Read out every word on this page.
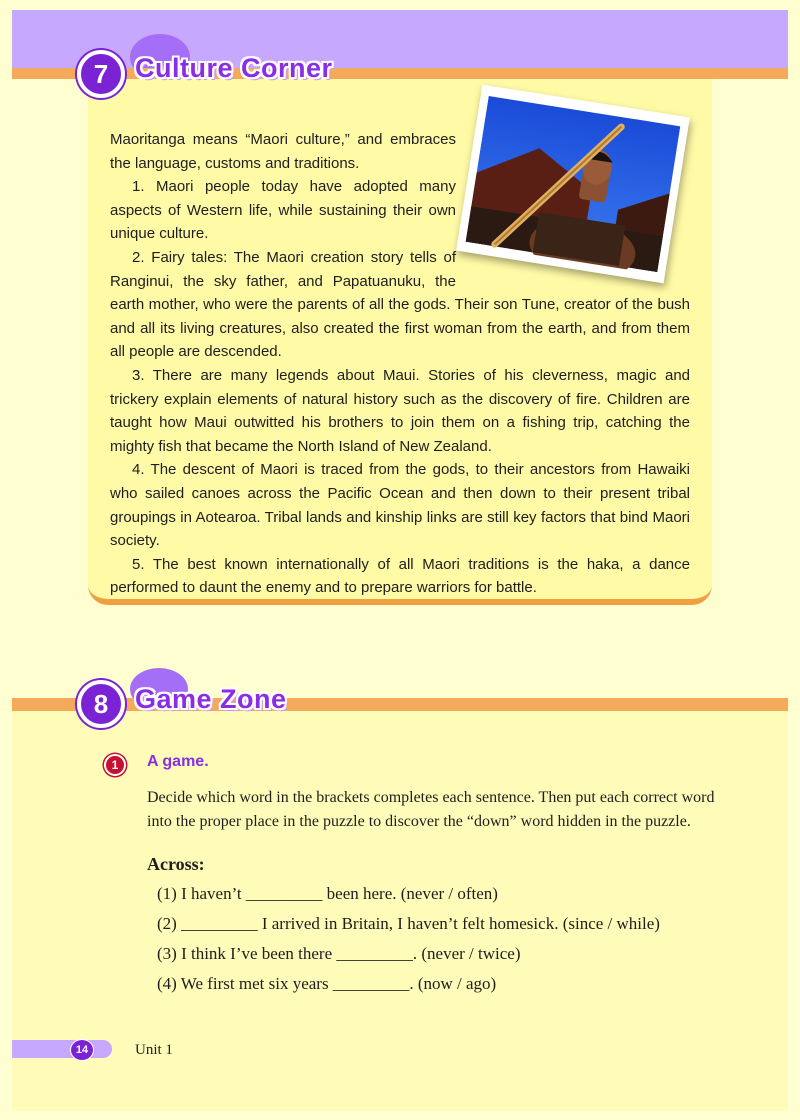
7 Culture Corner

Maoritanga means “Maori culture,” and embraces the language, customs and traditions.

1. Maori people today have adopted many aspects of Western life, while sustaining their own unique culture.

2. Fairy tales: The Maori creation story tells of Ranginui, the sky father, and Papatuanuku, the earth mother, who were the parents of all the gods. Their son Tune, creator of the bush and all its living creatures, also created the first woman from the earth, and from them all people are descended.

3. There are many legends about Maui. Stories of his cleverness, magic and trickery explain elements of natural history such as the discovery of fire. Children are taught how Maui outwitted his brothers to join them on a fishing trip, catching the mighty fish that became the North Island of New Zealand.

4. The descent of Maori is traced from the gods, to their ancestors from Hawaiki who sailed canoes across the Pacific Ocean and then down to their present tribal groupings in Aotearoa. Tribal lands and kinship links are still key factors that bind Maori society.

5. The best known internationally of all Maori traditions is the haka, a dance performed to daunt the enemy and to prepare warriors for battle.

8 Game Zone
1	A game.
Decide which word in the brackets completes each sentence. Then put each correct word into the proper place in the puzzle to discover the “down” word hidden in the puzzle.
Across:
(1) I haven’t _________ been here. (never / often)
(2) _________ I arrived in Britain, I haven’t felt homesick. (since / while)
(3) I think I’ve been there _________. (never / twice)
(4) We first met six years _________. (now / ago)
14	Unit 1
